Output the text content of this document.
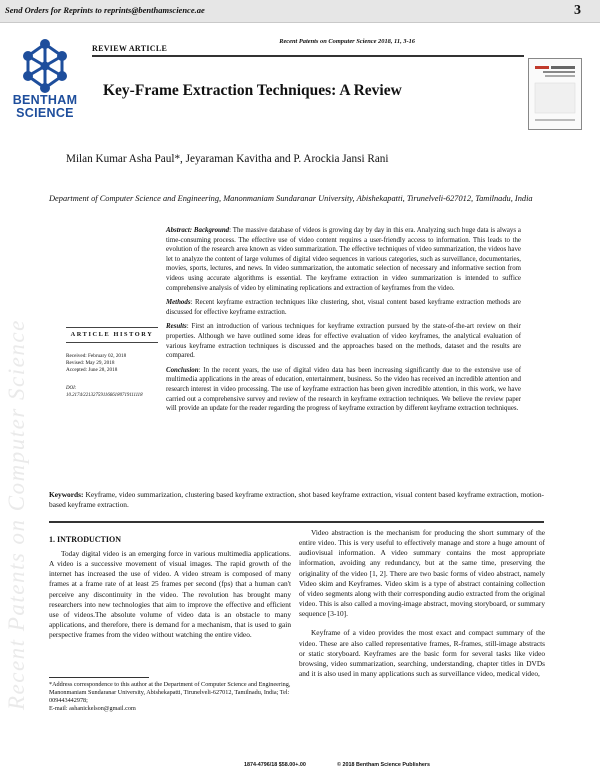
Send Orders for Reprints to reprints@benthamscience.ae	3
Recent Patents on Computer Science 2018, 11, 3-16
BENTHAM
SCIENCE
REVIEW ARTICLE
Key-Frame Extraction Techniques: A Review
Milan Kumar Asha Paul*, Jeyaraman Kavitha and P. Arockia Jansi Rani
Department of Computer Science and Engineering, Manonmaniam Sundaranar University, Abishekapatti, Tirunelveli-627012, Tamilnadu, India
Recent Patents on Computer Science

Abstract: Background: The massive database of videos is growing day by day in this era. Analyzing such huge data is always a time-consuming process. The effective use of video content requires a user-friendly access to information. This leads to the evolution of the research area known as video summarization. The effective techniques of video summarization, the videos have let to analyze the content of large volumes of digital video sequences in various categories, such as surveillance, documentaries, movies, sports, lectures, and news. In video summarization, the automatic selection of necessary and informative section from videos using accurate algorithms is essential. The keyframe extraction in video summarization is intended to suffice comprehensive analysis of video by eliminating replications and extraction of keyframes from the video.

Methods: Recent keyframe extraction techniques like clustering, shot, visual content based keyframe extraction methods are discussed for effective keyframe extraction.

Results: First an introduction of various techniques for keyframe extraction pursued by the state-of-the-art review on their properties. Although we have outlined some ideas for effective evaluation of video keyframes, the analytical evaluation of various keyframe extraction techniques is discussed and the approaches based on the methods, dataset and the results are compared.

Conclusion: In the recent years, the use of digital video data has been increasing significantly due to the extensive use of multimedia applications in the areas of education, entertainment, business. So the video has received an incredible attention and research interest in video processing. The use of keyframe extraction has been given incredible attention, in this work, we have carried out a comprehensive survey and review of the research in keyframe extraction techniques. We believe the review paper will provide an update for the reader regarding the progress of keyframe extraction by different keyframe extraction techniques.

ARTICLE HISTORY
Received: February 02, 2018
Revised: May 29, 2018
Accepted: June 28, 2018
DOI:
10.2174/2213275911666180719111118
Keywords: Keyframe, video summarization, clustering based keyframe extraction, shot based keyframe extraction, visual content based keyframe extraction, motion-based keyframe extraction.
1. INTRODUCTION

Today digital video is an emerging force in various multimedia applications. A video is a successive movement of visual images. The rapid growth of the internet has increased the use of video. A video stream is composed of many frames at a frame rate of at least 25 frames per second (fps) that a human can't perceive any discontinuity in the video. The revolution has brought many researchers into new technologies that aim to improve the effective and efficient use of videos.The absolute volume of video data is an obstacle to many applications, and therefore, there is demand for a mechanism, that is used to gain perspective frames from the video without watching the entire video.

Video abstraction is the mechanism for producing the short summary of the entire video. This is very useful to effectively manage and store a huge amount of audiovisual information. A video summary contains the most appropriate information, avoiding any redundancy, but at the same time, preserving the originality of the video [1, 2]. There are two basic forms of video abstract, namely Video skim and Keyframes. Video skim is a type of abstract containing collection of video segments along with their corresponding audio extracted from the original video. This is also called a moving-image abstract, moving storyboard, or summary sequence [3-10].

Keyframe of a video provides the most exact and compact summary of the video. These are also called representative frames, R-frames, still-image abstracts or static storyboard. Keyframes are the basic form for several tasks like video browsing, video summarization, searching, understanding, chapter titles in DVDs and it is also used in many applications such as surveillance video, medical video,

*Address correspondence to this author at the Department of Computer Science and Engineering, Manonmaniam Sundaranar University, Abishekapatti, Tirunelveli-627012, Tamilnadu, India; Tel: 009443442978;
E-mail: ashanickelson@gmail.com
1874-4796/18 $58.00+.00	© 2018 Bentham Science Publishers
